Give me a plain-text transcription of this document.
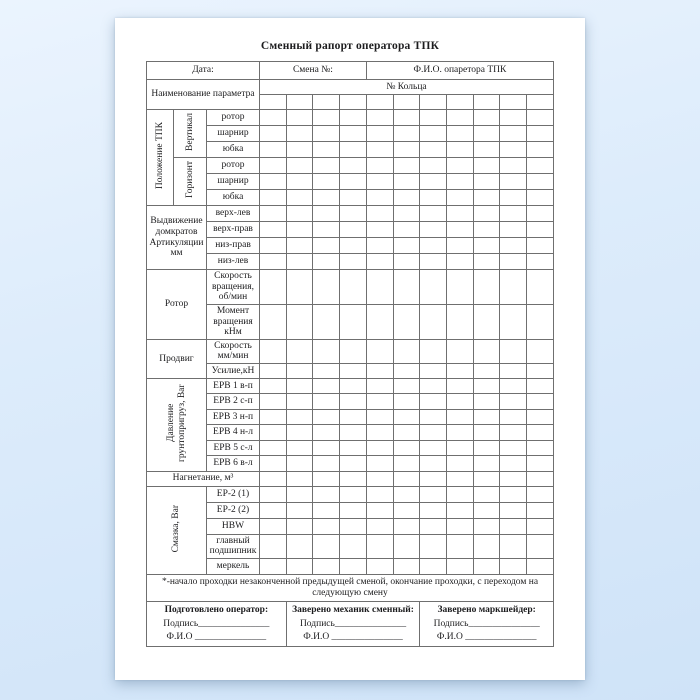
Сменный рапорт оператора ТПК
Дата:			Смена №:				Ф.И.О. опаретора ТПК						
Наименование параметра			№ Кольца										

Положение ТПК	Вертикал	ротор											
		шарнир											
		юбка											
	Горизонт	ротор											
		шарнир											
		юбка											
Выдвижение домкратов Артикуляции мм		верх-лев											
		верх-прав											
		низ-прав											
		низ-лев											
Ротор		Скорость вращения, об/мин											
		Момент вращения кНм											
Продвиг		Скорость мм/мин											
		Усилие,кН											
Давление грунтопригруз, Bar		EPB 1 в-п											
		EPB 2 с-п											
		EPB 3 н-п											
		EPB 4 н-л											
		EPB 5 с-л											
		EPB 6 в-л											
Нагнетание, м³													
Смазка, Bar		EP-2 (1)											
		EP-2 (2)											
		HBW											
		главный подшипник											
		меркель											
*-начало проходки незаконченной предыдущей сменой, окончание проходки, с переходом на следующую смену													

Подготовлено оператор:
Подпись_______________
Ф.И.О _______________

Заверено механик сменный:
Подпись_______________
Ф.И.О _______________

Заверено маркшейдер:
Подпись_______________
Ф.И.О _______________
